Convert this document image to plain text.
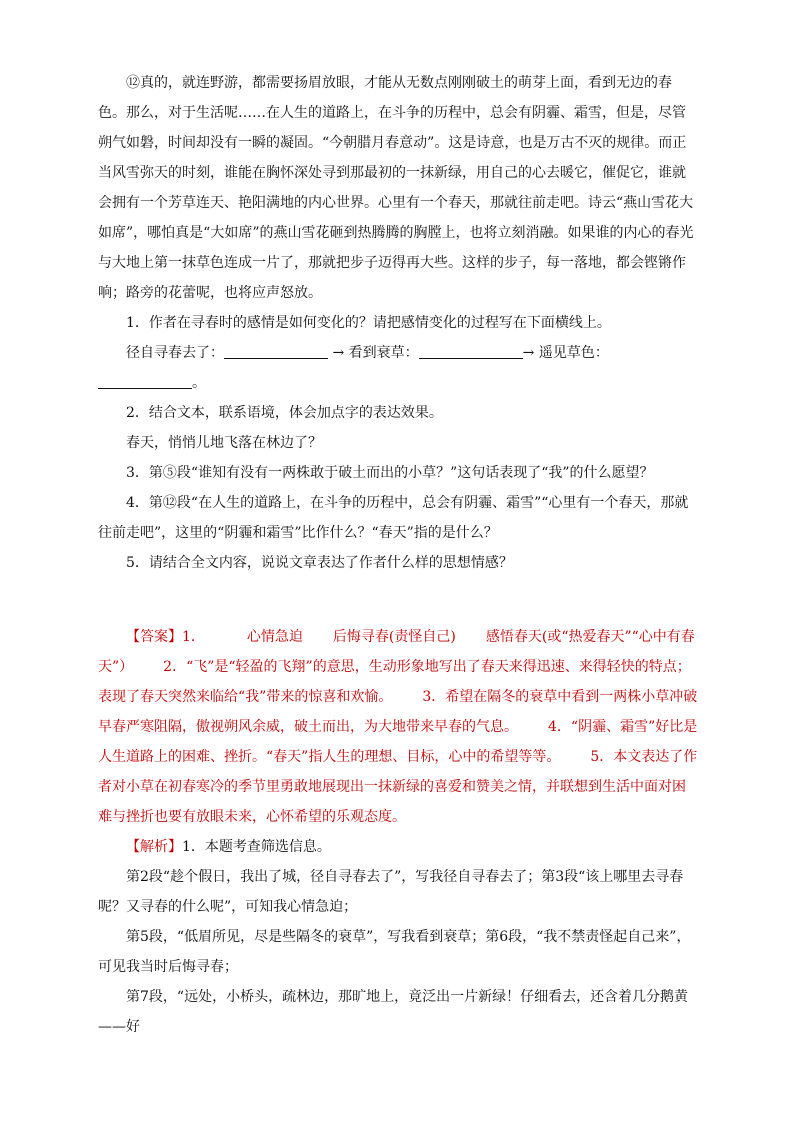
⑫真的，就连野游，都需要扬眉放眼，才能从无数点刚刚破土的萌芽上面，看到无边的春色。那么，对于生活呢……在人生的道路上，在斗争的历程中，总会有阴霾、霜雪，但是，尽管朔气如磐，时间却没有一瞬的凝固。“今朝腊月春意动”。这是诗意，也是万古不灭的规律。而正当风雪弥天的时刻，谁能在胸怀深处寻到那最初的一抹新绿，用自己的心去暖它，催促它，谁就会拥有一个芳草连天、艳阳满地的内心世界。心里有一个春天，那就往前走吧。诗云“燕山雪花大如席”，哪怕真是“大如席”的燕山雪花砸到热腾腾的胸膛上，也将立刻消融。如果谁的内心的春光与大地上第一抹草色连成一片了，那就把步子迈得再大些。这样的步子，每一落地，都会铿锵作响；路旁的花蕾呢，也将应声怒放。

1．作者在寻春时的感情是如何变化的？请把感情变化的过程写在下面横线上。

径自寻春去了：	→ 看到衰草：	→ 遥见草色：。

2．结合文本，联系语境，体会加点字的表达效果。

春天，悄悄儿地飞落在林边了？

3．第⑤段“谁知有没有一两株敢于破土而出的小草？”这句话表现了“我”的什么愿望？

4．第⑫段“在人生的道路上，在斗争的历程中，总会有阴霾、霜雪”“心里有一个春天，那就往前走吧”，这里的“阴霾和霜雪”比作什么？“春天”指的是什么？

5．请结合全文内容，说说文章表达了作者什么样的思想情感？

【答案】1．	心情急迫 后悔寻春(责怪自己) 感悟春天(或“热爱春天”“心中有春天”） 2．“飞”是“轻盈的飞翔”的意思，生动形象地写出了春天来得迅速、来得轻快的特点；表现了春天突然来临给“我”带来的惊喜和欢愉。 3．希望在隔冬的衰草中看到一两株小草冲破早春严寒阻隔，傲视朔风余威，破土而出，为大地带来早春的气息。 4．“阴霾、霜雪”好比是人生道路上的困难、挫折。“春天”指人生的理想、目标，心中的希望等等。 5．本文表达了作者对小草在初春寒冷的季节里勇敢地展现出一抹新绿的喜爱和赞美之情，并联想到生活中面对困难与挫折也要有放眼未来，心怀希望的乐观态度。

【解析】1．本题考查筛选信息。

第2段“趁个假日，我出了城，径自寻春去了”，写我径自寻春去了；第3段“该上哪里去寻春呢？又寻春的什么呢”，可知我心情急迫；

第5段，“低眉所见，尽是些隔冬的衰草”，写我看到衰草；第6段，“我不禁责怪起自己来”，可见我当时后悔寻春；

第7段，“远处，小桥头，疏林边，那旷地上，竟泛出一片新绿！仔细看去，还含着几分鹅黄——好
